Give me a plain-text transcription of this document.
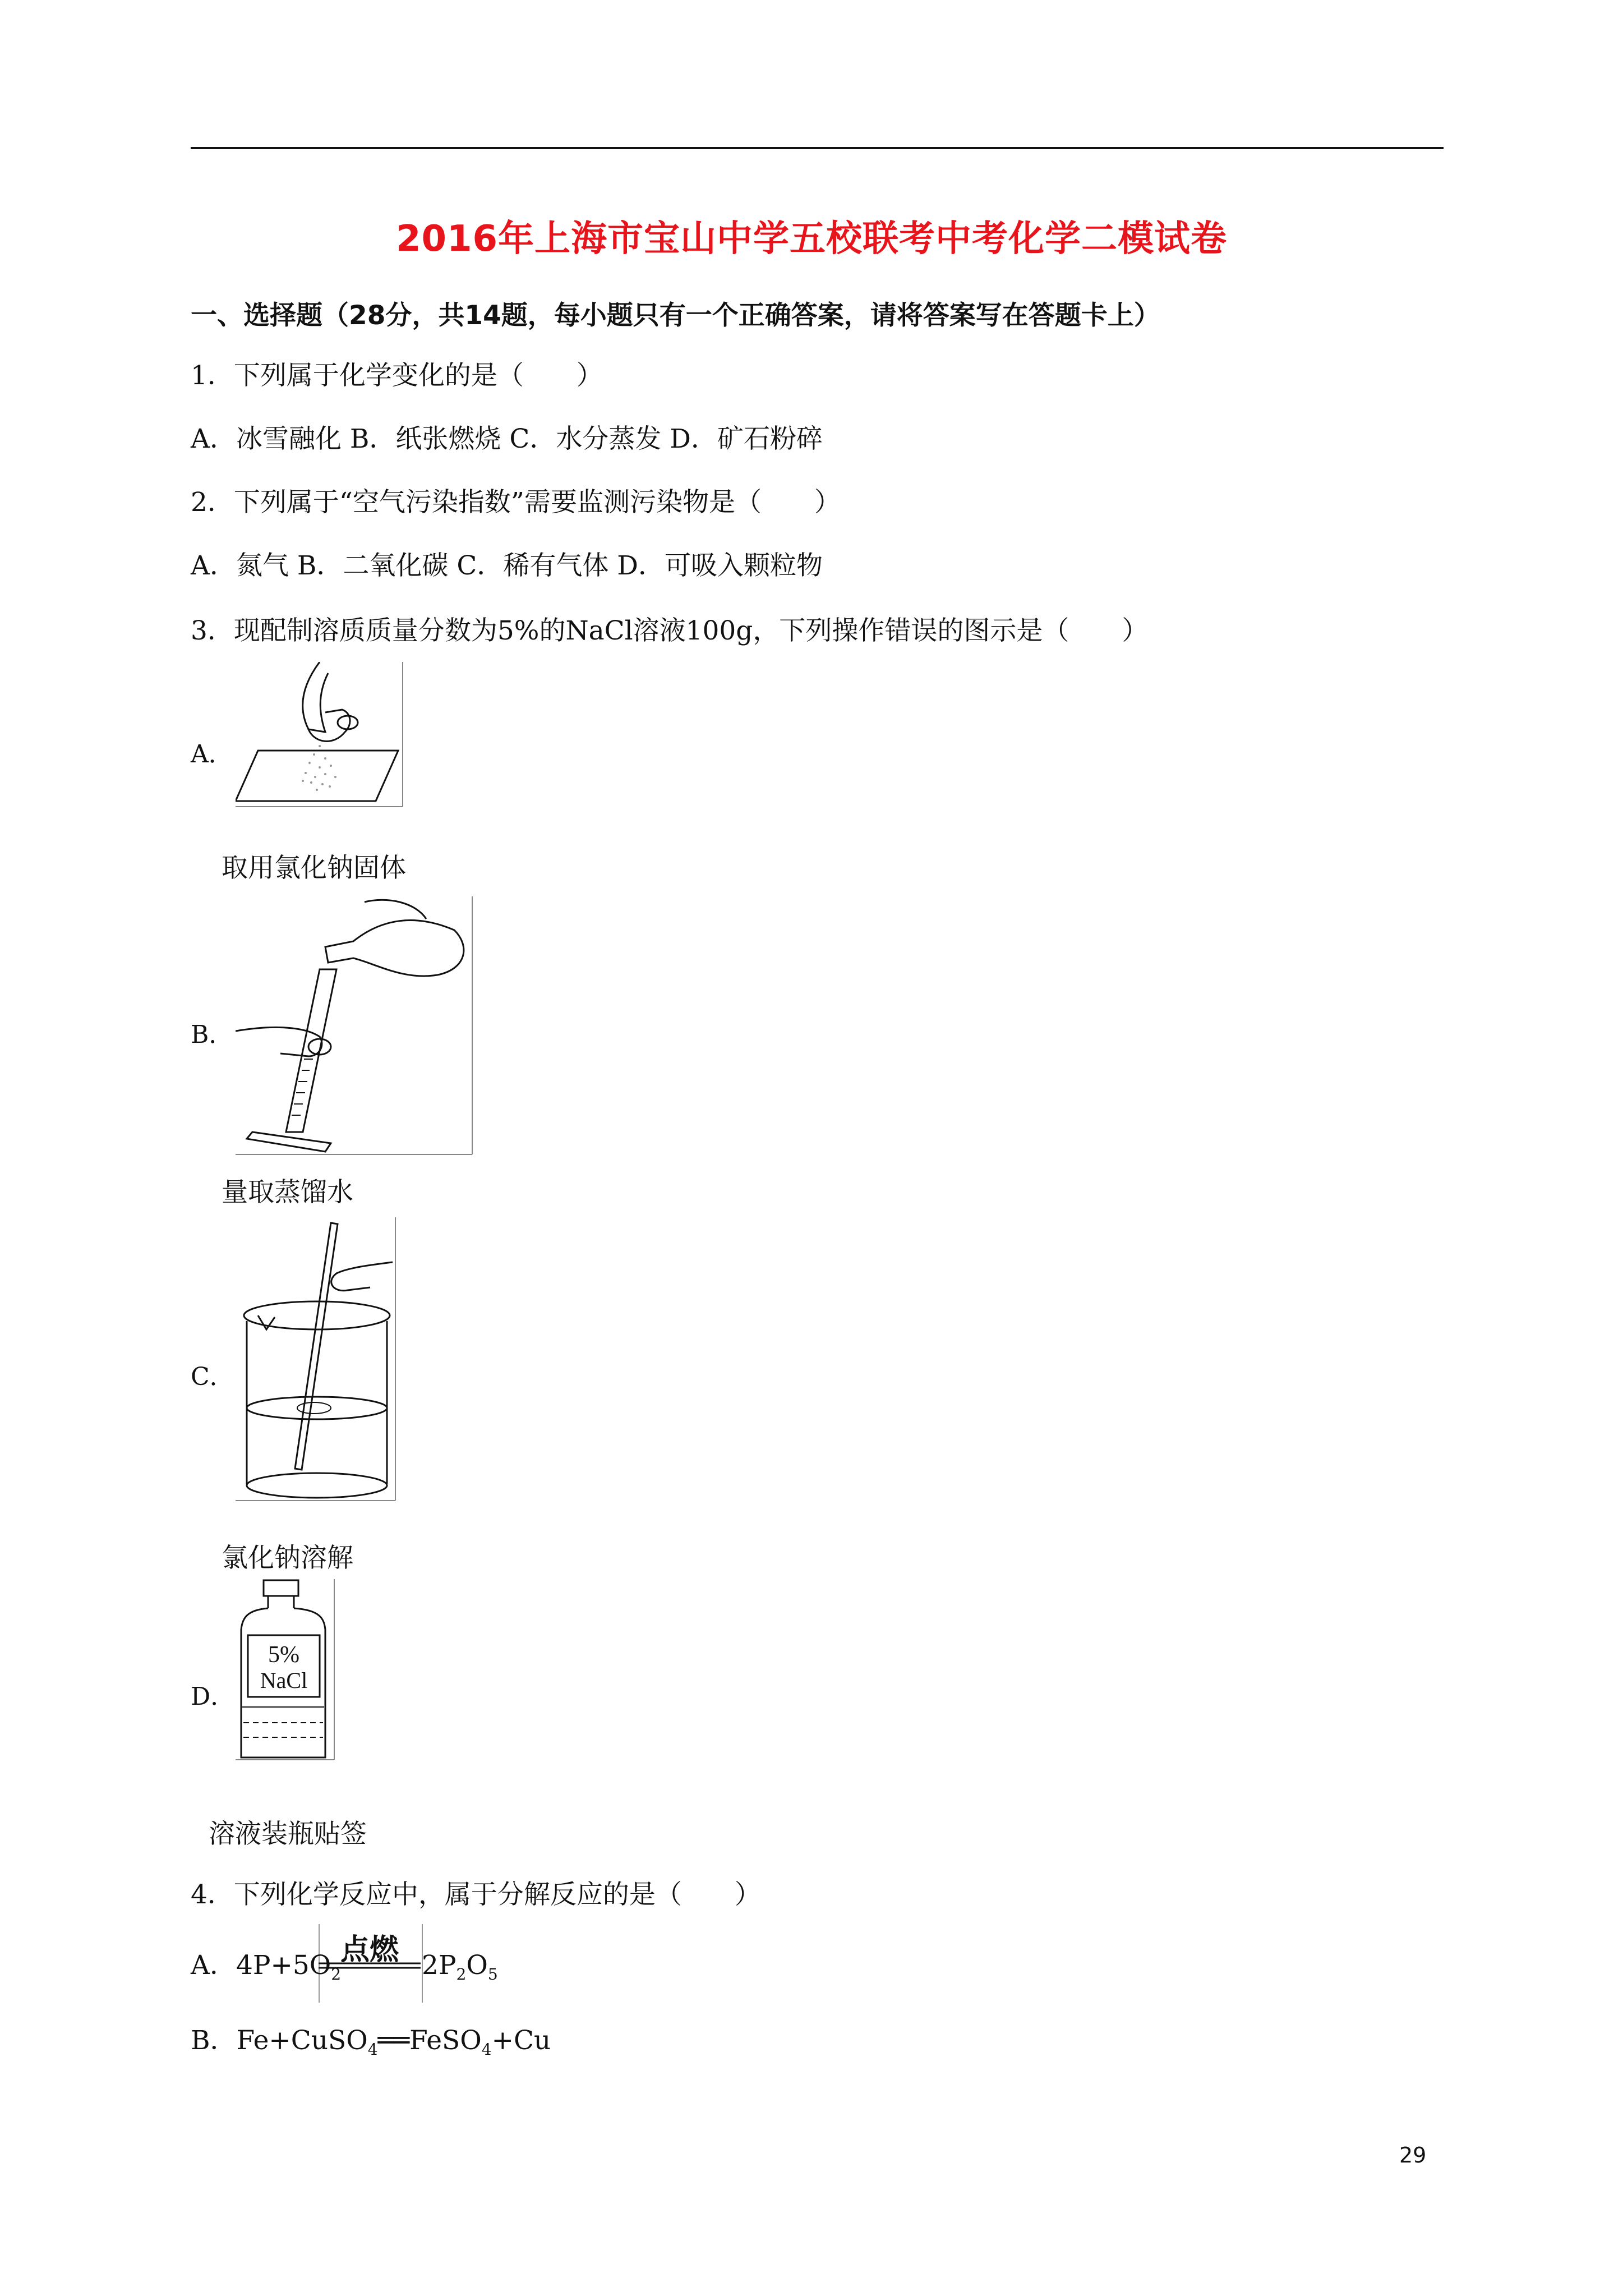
2016年上海市宝山中学五校联考中考化学二模试卷
一、选择题（28分，共14题，每小题只有一个正确答案，请将答案写在答题卡上）
1．下列属于化学变化的是（　　）
A．冰雪融化 B．纸张燃烧 C．水分蒸发 D．矿石粉碎
2．下列属于“空气污染指数”需要监测污染物是（　　）
A．氮气 B．二氧化碳 C．稀有气体 D．可吸入颗粒物
3．现配制溶质质量分数为5%的NaCl溶液100g，下列操作错误的图示是（　　）
A．
取用氯化钠固体
B．
量取蒸馏水
C．
氯化钠溶解
D．
5%
NaCl
溶液装瓶贴签
4．下列化学反应中，属于分解反应的是（　　）
点燃
A．$4P+5O_2$	$2P_2O_5$
B．Fe+CuSO$_4$══FeSO$_4$+Cu
29
